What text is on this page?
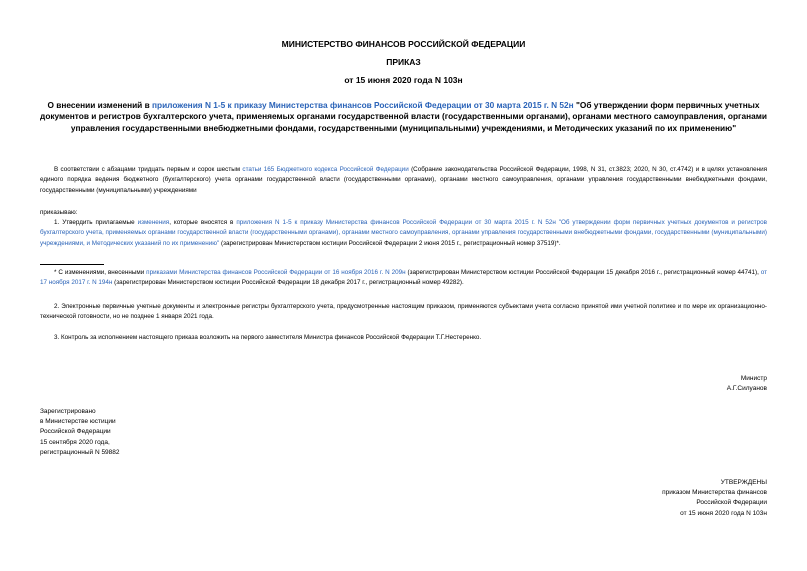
МИНИСТЕРСТВО ФИНАНСОВ РОССИЙСКОЙ ФЕДЕРАЦИИ
ПРИКАЗ
от 15 июня 2020 года N 103н
О внесении изменений в приложения N 1-5 к приказу Министерства финансов Российской Федерации от 30 марта 2015 г. N 52н "Об утверждении форм первичных учетных документов и регистров бухгалтерского учета, применяемых органами государственной власти (государственными органами), органами местного самоуправления, органами управления государственными внебюджетными фондами, государственными (муниципальными) учреждениями, и Методических указаний по их применению"
В соответствии с абзацами тридцать первым и сорок шестым статьи 165 Бюджетного кодекса Российской Федерации (Собрание законодательства Российской Федерации, 1998, N 31, ст.3823; 2020, N 30, ст.4742) и в целях установления единого порядка ведения бюджетного (бухгалтерского) учета органами государственной власти (государственными органами), органами местного самоуправления, органами управления государственными внебюджетными фондами, государственными (муниципальными) учреждениями
приказываю:
1. Утвердить прилагаемые изменения, которые вносятся в приложения N 1-5 к приказу Министерства финансов Российской Федерации от 30 марта 2015 г. N 52н "Об утверждении форм первичных учетных документов и регистров бухгалтерского учета, применяемых органами государственной власти (государственными органами), органами местного самоуправления, органами управления государственными внебюджетными фондами, государственными (муниципальными) учреждениями, и Методических указаний по их применению" (зарегистрирован Министерством юстиции Российской Федерации 2 июня 2015 г., регистрационный номер 37519)*.
* С изменениями, внесенными приказами Министерства финансов Российской Федерации от 16 ноября 2016 г. N 209н (зарегистрирован Министерством юстиции Российской Федерации 15 декабря 2016 г., регистрационный номер 44741), от 17 ноября 2017 г. N 194н (зарегистрирован Министерством юстиции Российской Федерации 18 декабря 2017 г., регистрационный номер 49282).
2. Электронные первичные учетные документы и электронные регистры бухгалтерского учета, предусмотренные настоящим приказом, применяются субъектами учета согласно принятой ими учетной политике и по мере их организационно-технической готовности, но не позднее 1 января 2021 года.
3. Контроль за исполнением настоящего приказа возложить на первого заместителя Министра финансов Российской Федерации Т.Г.Нестеренко.
Министр
А.Г.Силуанов
Зарегистрировано
в Министерстве юстиции
Российской Федерации
15 сентября 2020 года,
регистрационный N 59882
УТВЕРЖДЕНЫ
приказом Министерства финансов
Российской Федерации
от 15 июня 2020 года N 103н
